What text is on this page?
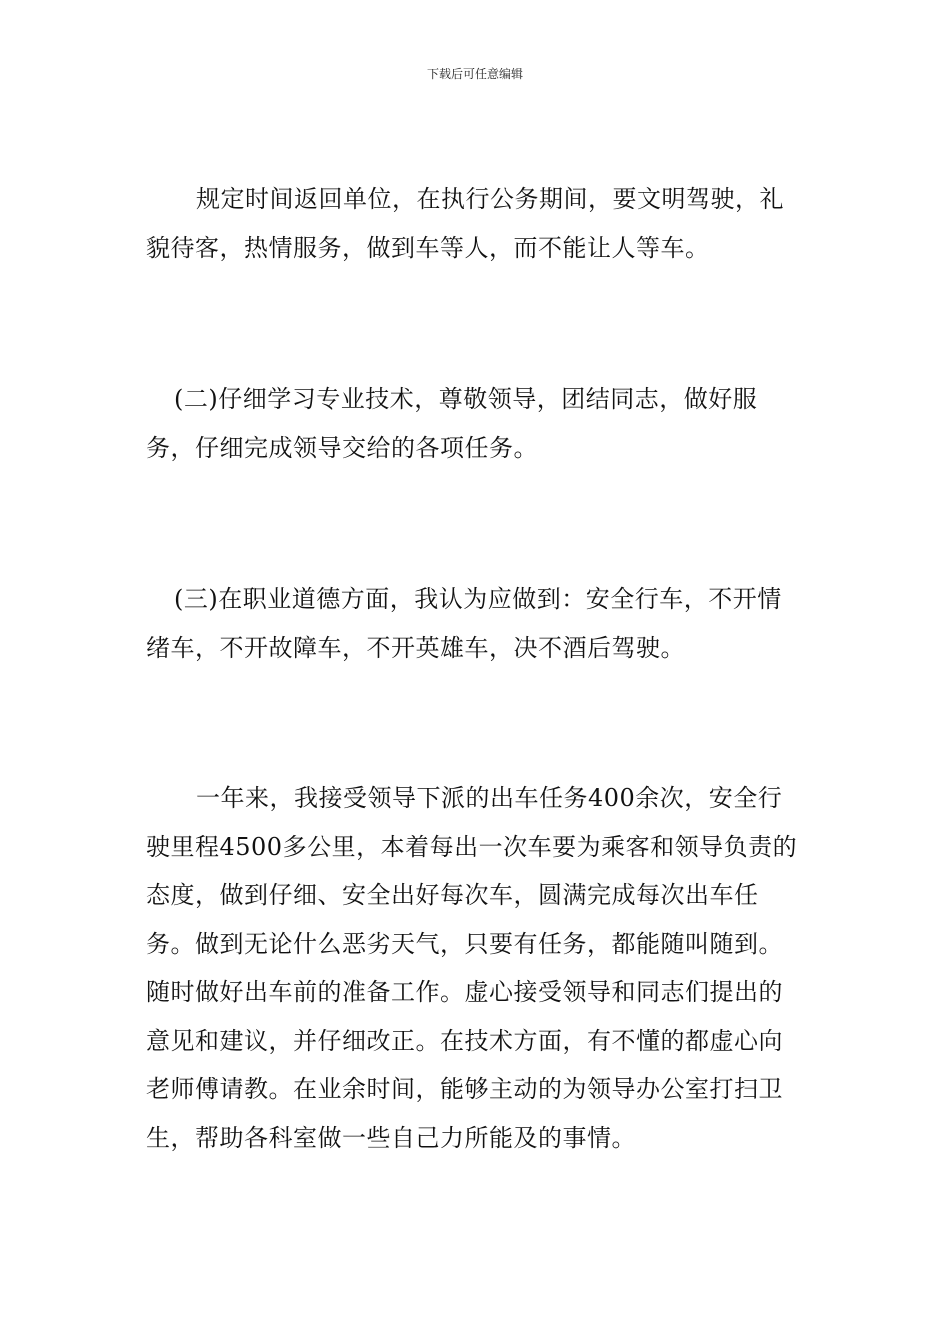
下载后可任意编辑

规定时间返回单位，在执行公务期间，要文明驾驶，礼貌待客，热情服务，做到车等人，而不能让人等车。

(二)仔细学习专业技术，尊敬领导，团结同志，做好服务，仔细完成领导交给的各项任务。

(三)在职业道德方面，我认为应做到：安全行车，不开情绪车，不开故障车，不开英雄车，决不酒后驾驶。

一年来，我接受领导下派的出车任务400余次，安全行驶里程4500多公里，本着每出一次车要为乘客和领导负责的态度，做到仔细、安全出好每次车，圆满完成每次出车任务。做到无论什么恶劣天气，只要有任务，都能随叫随到。随时做好出车前的准备工作。虚心接受领导和同志们提出的意见和建议，并仔细改正。在技术方面，有不懂的都虚心向老师傅请教。在业余时间，能够主动的为领导办公室打扫卫生，帮助各科室做一些自己力所能及的事情。
